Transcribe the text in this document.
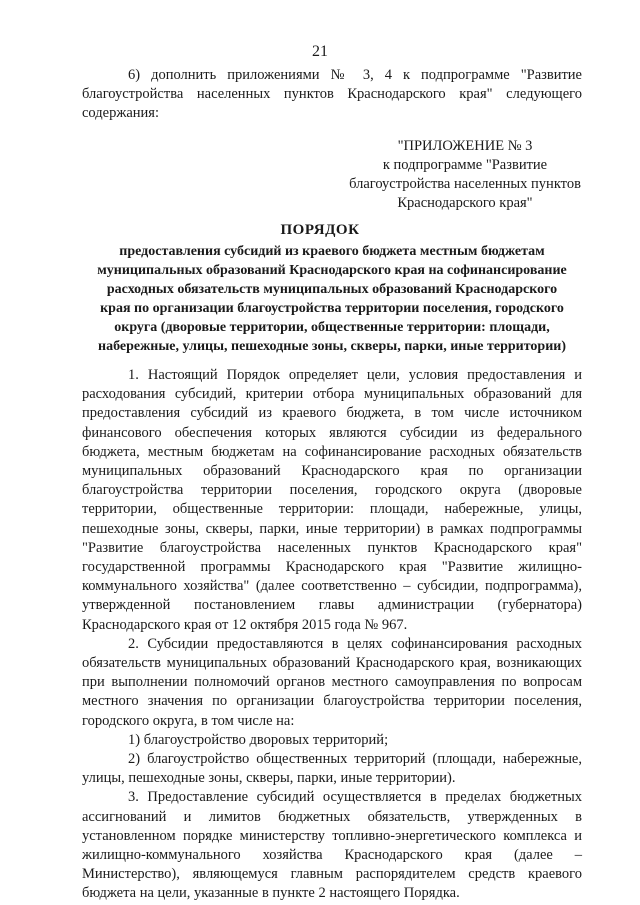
21

6) дополнить приложениями № 3, 4 к подпрограмме "Развитие благоустройства населенных пунктов Краснодарского края" следующего содержания:

"ПРИЛОЖЕНИЕ № 3
к подпрограмме "Развитие
благоустройства населенных пунктов
Краснодарского края"
ПОРЯДОК
предоставления субсидий из краевого бюджета местным бюджетам
муниципальных образований Краснодарского края на софинансирование
расходных обязательств муниципальных образований Краснодарского
края по организации благоустройства территории поселения, городского
округа (дворовые территории, общественные территории: площади,
набережные, улицы, пешеходные зоны, скверы, парки, иные территории)

1. Настоящий Порядок определяет цели, условия предоставления и расходования субсидий, критерии отбора муниципальных образований для предоставления субсидий из краевого бюджета, в том числе источником финансового обеспечения которых являются субсидии из федерального бюджета, местным бюджетам на софинансирование расходных обязательств муниципальных образований Краснодарского края по организации благоустройства территории поселения, городского округа (дворовые территории, общественные территории: площади, набережные, улицы, пешеходные зоны, скверы, парки, иные территории) в рамках подпрограммы "Развитие благоустройства населенных пунктов Краснодарского края" государственной программы Краснодарского края "Развитие жилищно-коммунального хозяйства" (далее соответственно – субсидии, подпрограмма), утвержденной постановлением главы администрации (губернатора) Краснодарского края от 12 октября 2015 года № 967.

2. Субсидии предоставляются в целях софинансирования расходных обязательств муниципальных образований Краснодарского края, возникающих при выполнении полномочий органов местного самоуправления по вопросам местного значения по организации благоустройства территории поселения, городского округа, в том числе на:

1) благоустройство дворовых территорий;

2) благоустройство общественных территорий (площади, набережные, улицы, пешеходные зоны, скверы, парки, иные территории).

3. Предоставление субсидий осуществляется в пределах бюджетных ассигнований и лимитов бюджетных обязательств, утвержденных в установленном порядке министерству топливно-энергетического комплекса и жилищно-коммунального хозяйства Краснодарского края (далее – Министерство), являющемуся главным распорядителем средств краевого бюджета на цели, указанные в пункте 2 настоящего Порядка.
